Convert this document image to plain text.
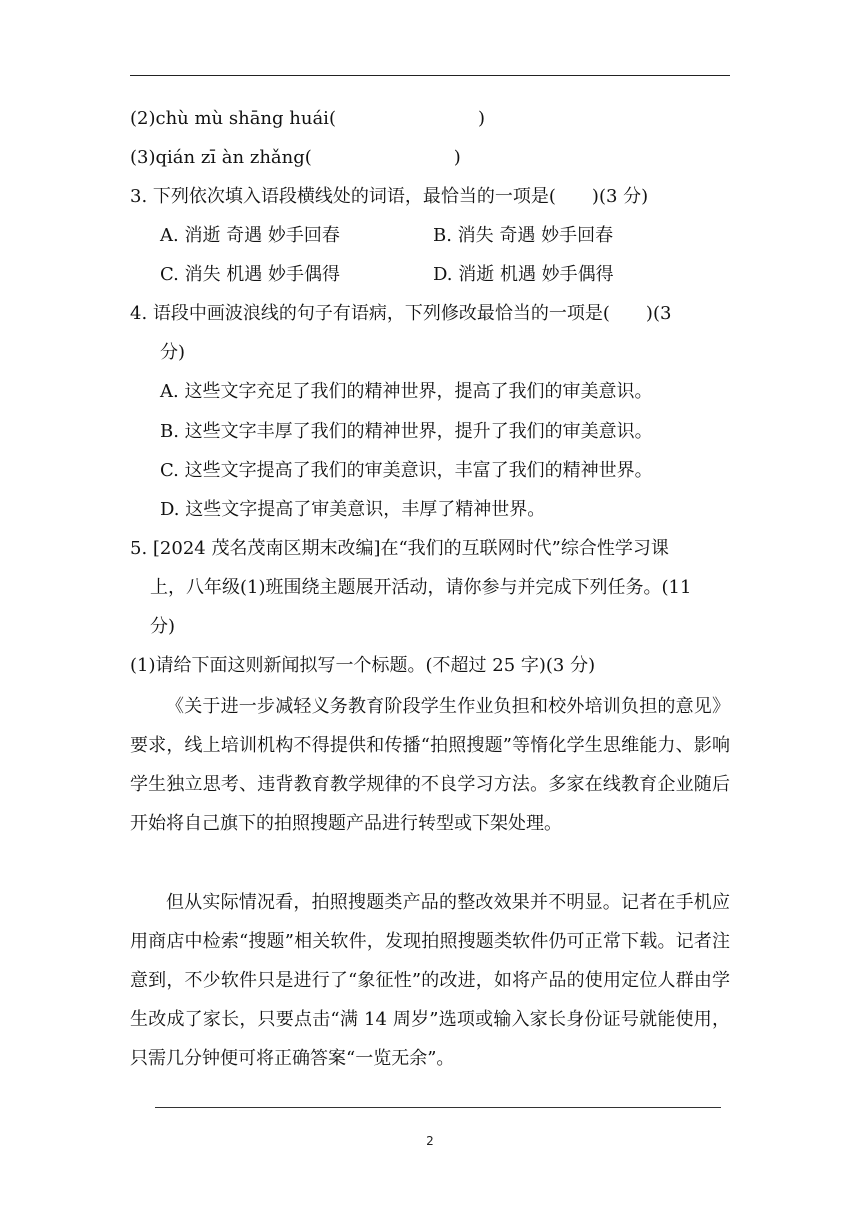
(2)chù mù shāng huái(	)
(3)qián zī àn zhǎng(	)
3. 下列依次填入语段横线处的词语，最恰当的一项是(　　)(3 分)
A. 消逝 奇遇 妙手回春	B. 消失 奇遇 妙手回春
C. 消失 机遇 妙手偶得	D. 消逝 机遇 妙手偶得
4. 语段中画波浪线的句子有语病，下列修改最恰当的一项是(　　)(3
分)
A. 这些文字充足了我们的精神世界，提高了我们的审美意识。
B. 这些文字丰厚了我们的精神世界，提升了我们的审美意识。
C. 这些文字提高了我们的审美意识，丰富了我们的精神世界。
D. 这些文字提高了审美意识，丰厚了精神世界。
5. [2024 茂名茂南区期末改编]在“我们的互联网时代”综合性学习课
上，八年级(1)班围绕主题展开活动，请你参与并完成下列任务。(11
分)
(1)请给下面这则新闻拟写一个标题。(不超过 25 字)(3 分)
《关于进一步减轻义务教育阶段学生作业负担和校外培训负担的意见》要求，线上培训机构不得提供和传播“拍照搜题”等惰化学生思维能力、影响学生独立思考、违背教育教学规律的不良学习方法。多家在线教育企业随后开始将自己旗下的拍照搜题产品进行转型或下架处理。
但从实际情况看，拍照搜题类产品的整改效果并不明显。记者在手机应用商店中检索“搜题”相关软件，发现拍照搜题类软件仍可正常下载。记者注意到，不少软件只是进行了“象征性”的改进，如将产品的使用定位人群由学生改成了家长，只要点击“满 14 周岁”选项或输入家长身份证号就能使用，只需几分钟便可将正确答案“一览无余”。
2
